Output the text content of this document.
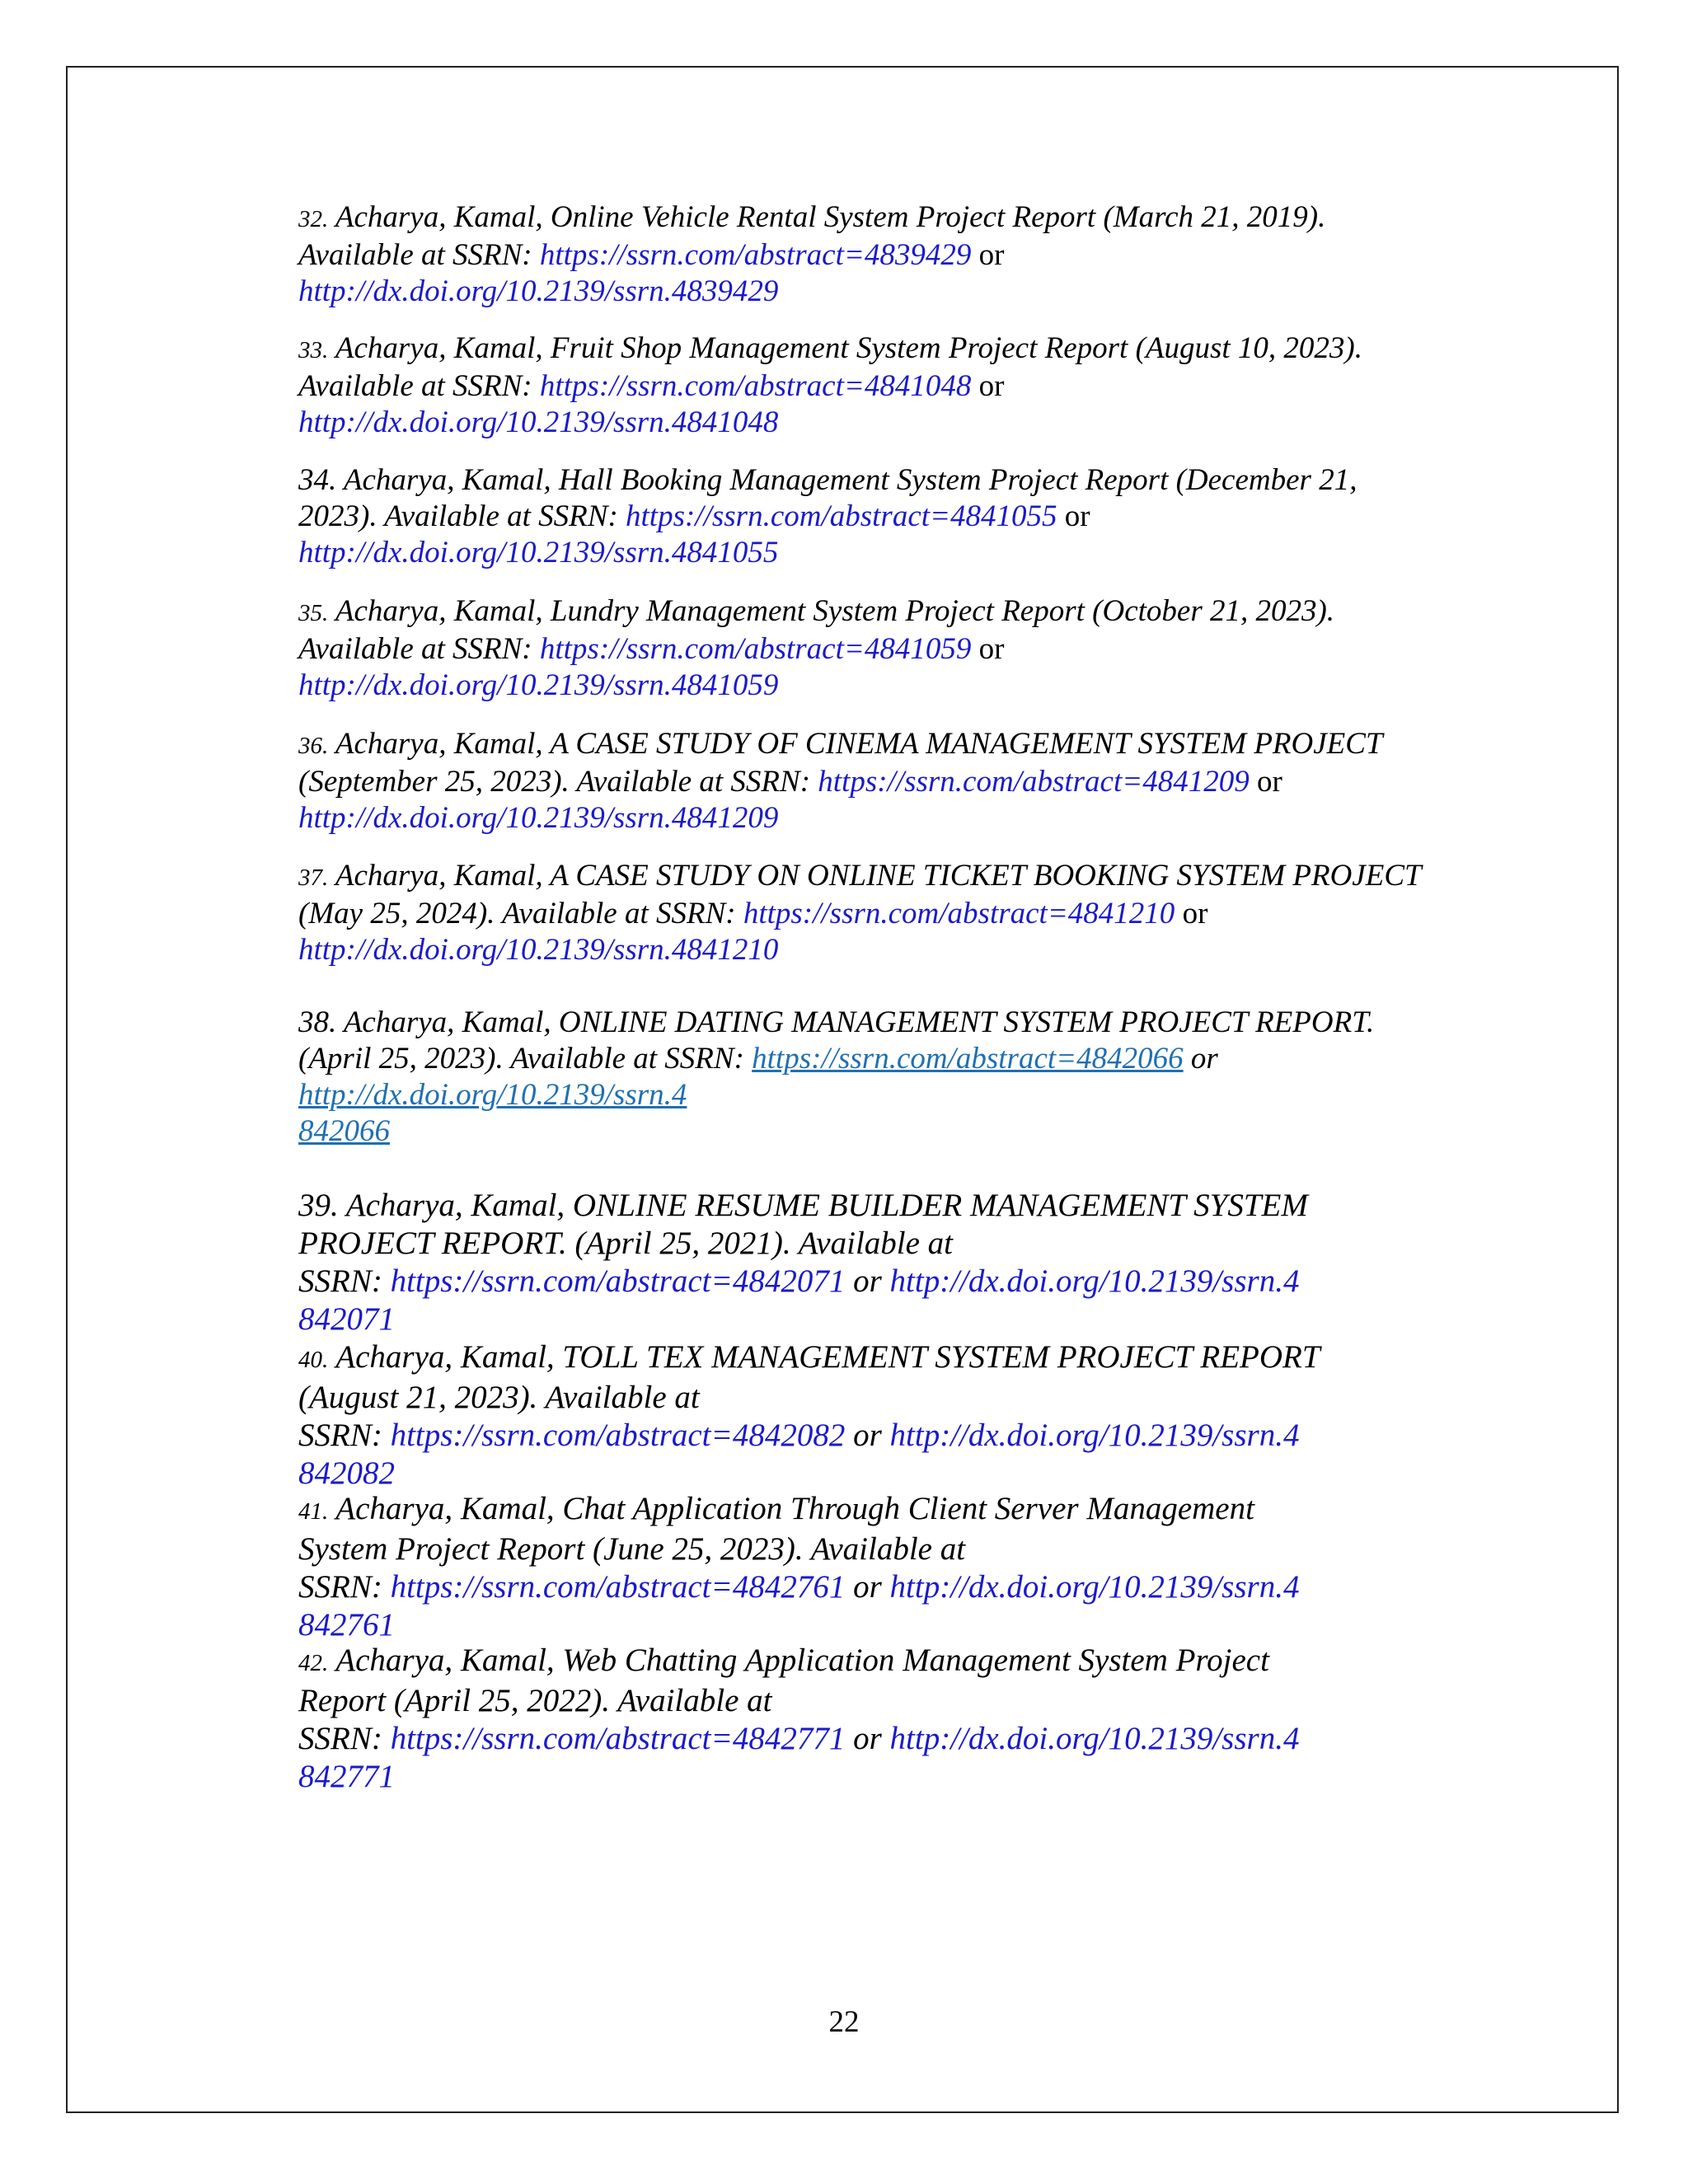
32. Acharya, Kamal, Online Vehicle Rental System Project Report (March 21, 2019).
Available at SSRN: https://ssrn.com/abstract=4839429 or
http://dx.doi.org/10.2139/ssrn.4839429
33. Acharya, Kamal, Fruit Shop Management System Project Report (August 10, 2023).
Available at SSRN: https://ssrn.com/abstract=4841048 or
http://dx.doi.org/10.2139/ssrn.4841048
34. Acharya, Kamal, Hall Booking Management System Project Report (December 21,
2023). Available at SSRN: https://ssrn.com/abstract=4841055 or
http://dx.doi.org/10.2139/ssrn.4841055
35. Acharya, Kamal, Lundry Management System Project Report (October 21, 2023).
Available at SSRN: https://ssrn.com/abstract=4841059 or
http://dx.doi.org/10.2139/ssrn.4841059
36. Acharya, Kamal, A CASE STUDY OF CINEMA MANAGEMENT SYSTEM PROJECT
(September 25, 2023). Available at SSRN: https://ssrn.com/abstract=4841209 or
http://dx.doi.org/10.2139/ssrn.4841209
37. Acharya, Kamal, A CASE STUDY ON ONLINE TICKET BOOKING SYSTEM PROJECT
(May 25, 2024). Available at SSRN: https://ssrn.com/abstract=4841210 or
http://dx.doi.org/10.2139/ssrn.4841210
38. Acharya, Kamal, ONLINE DATING MANAGEMENT SYSTEM PROJECT REPORT.
(April 25, 2023). Available at SSRN: https://ssrn.com/abstract=4842066 or
http://dx.doi.org/10.2139/ssrn.4
842066
39. Acharya, Kamal, ONLINE RESUME BUILDER MANAGEMENT SYSTEM
PROJECT REPORT. (April 25, 2021). Available at
SSRN: https://ssrn.com/abstract=4842071 or http://dx.doi.org/10.2139/ssrn.4
842071
40. Acharya, Kamal, TOLL TEX MANAGEMENT SYSTEM PROJECT REPORT
(August 21, 2023). Available at
SSRN: https://ssrn.com/abstract=4842082 or http://dx.doi.org/10.2139/ssrn.4
842082
41. Acharya, Kamal, Chat Application Through Client Server Management
System Project Report (June 25, 2023). Available at
SSRN: https://ssrn.com/abstract=4842761 or http://dx.doi.org/10.2139/ssrn.4
842761
42. Acharya, Kamal, Web Chatting Application Management System Project
Report (April 25, 2022). Available at
SSRN: https://ssrn.com/abstract=4842771 or http://dx.doi.org/10.2139/ssrn.4
842771
22
